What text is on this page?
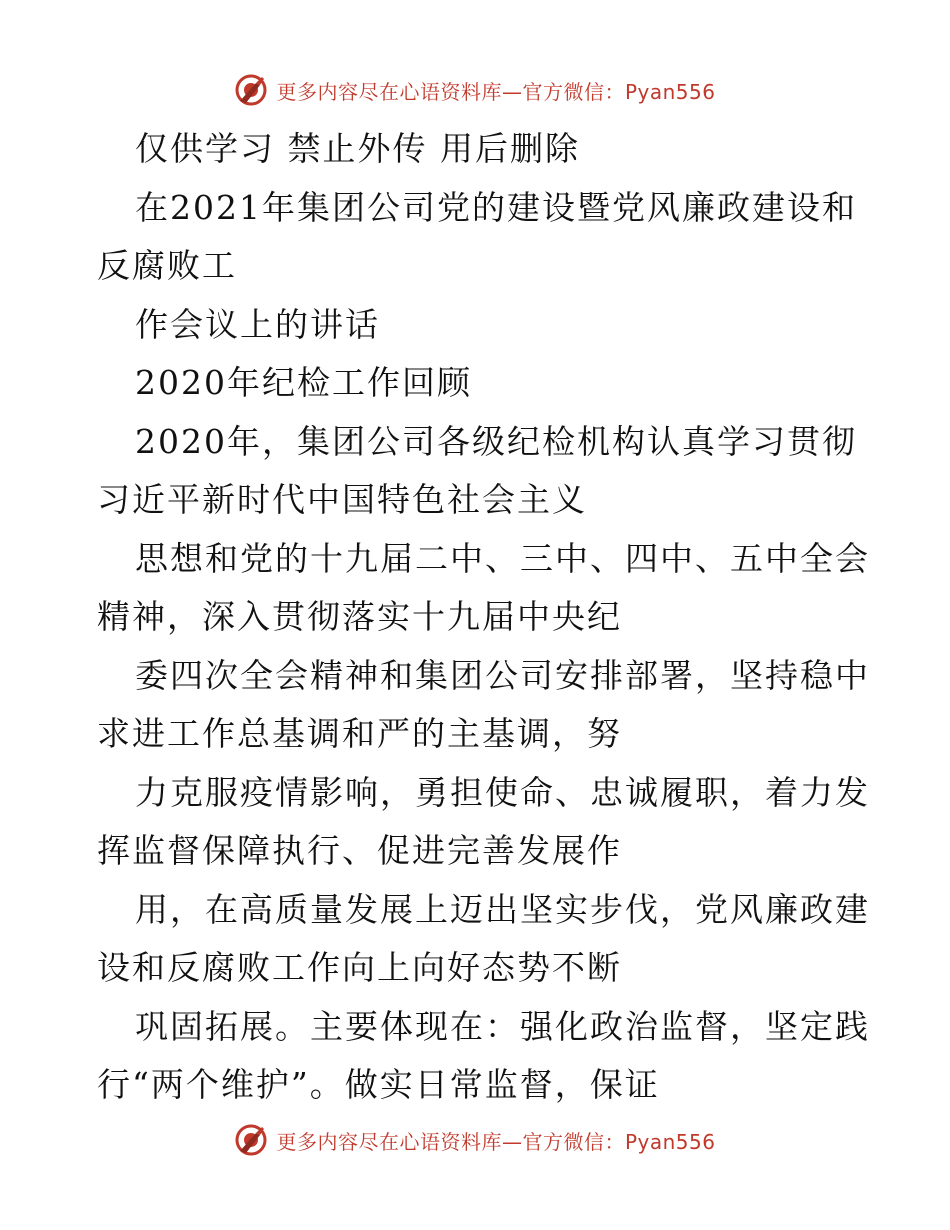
更多内容尽在心语资料库—官方微信：Pyan556
仅供学习 禁止外传 用后删除
在2021年集团公司党的建设暨党风廉政建设和
反腐败工
作会议上的讲话
2020年纪检工作回顾
2020年，集团公司各级纪检机构认真学习贯彻
习近平新时代中国特色社会主义
思想和党的十九届二中、三中、四中、五中全会
精神，深入贯彻落实十九届中央纪
委四次全会精神和集团公司安排部署，坚持稳中
求进工作总基调和严的主基调，努
力克服疫情影响，勇担使命、忠诚履职，着力发
挥监督保障执行、促进完善发展作
用，在高质量发展上迈出坚实步伐，党风廉政建
设和反腐败工作向上向好态势不断
巩固拓展。主要体现在：强化政治监督，坚定践
行“两个维护”。做实日常监督，保证
更多内容尽在心语资料库—官方微信：Pyan556
